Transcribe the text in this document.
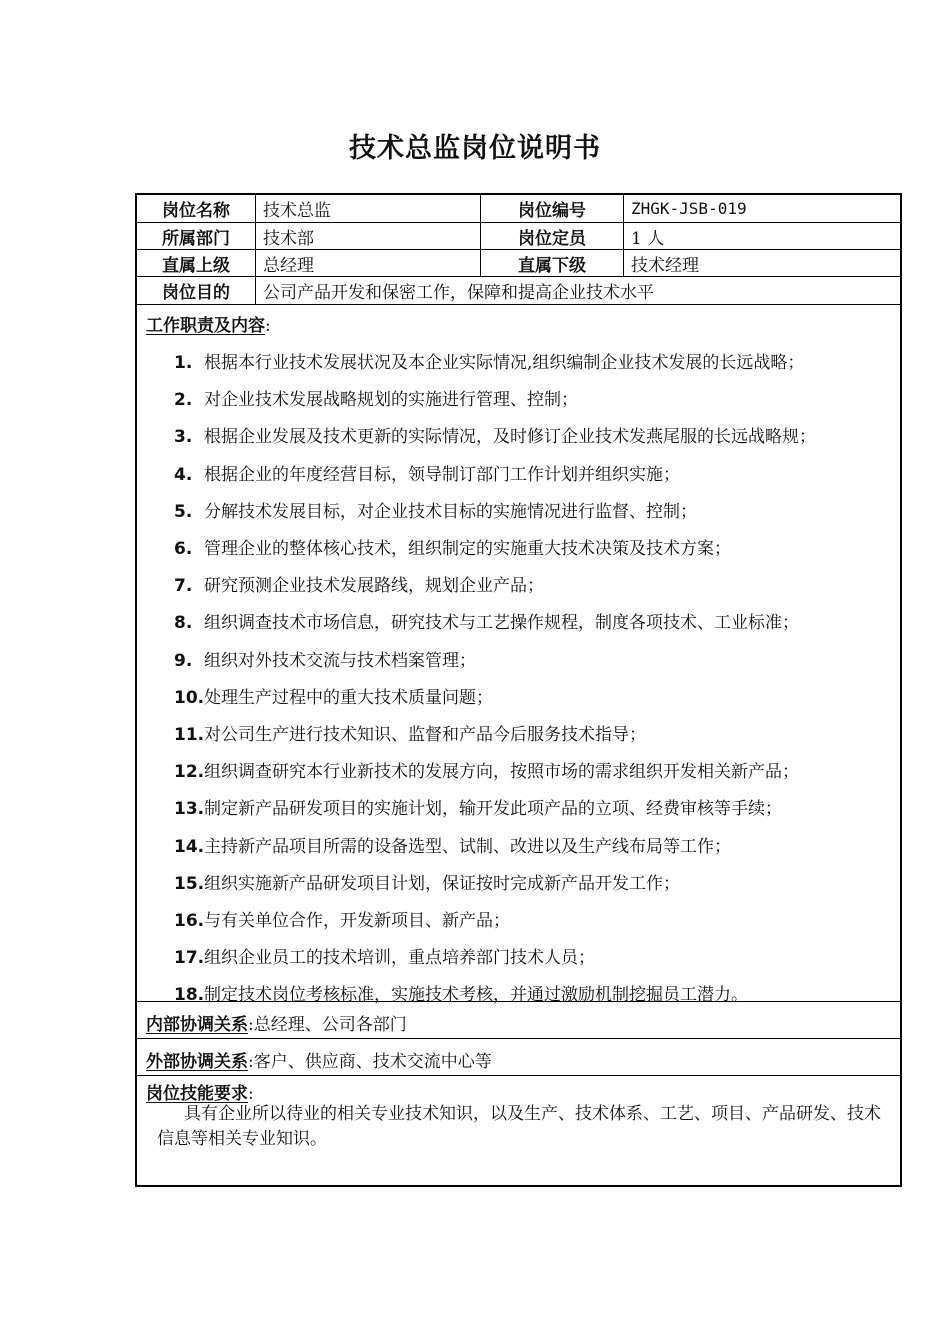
技术总监岗位说明书
岗位名称	技术总监	岗位编号	ZHGK-JSB-019
所属部门	技术部	岗位定员	1 人
直属上级	总经理	直属下级	技术经理
岗位目的	公司产品开发和保密工作，保障和提高企业技术水平
工作职责及内容:
1. 根据本行业技术发展状况及本企业实际情况,组织编制企业技术发展的长远战略；
2. 对企业技术发展战略规划的实施进行管理、控制；
3. 根据企业发展及技术更新的实际情况，及时修订企业技术发燕尾服的长远战略规；
4. 根据企业的年度经营目标，领导制订部门工作计划并组织实施；
5. 分解技术发展目标，对企业技术目标的实施情况进行监督、控制；
6. 管理企业的整体核心技术，组织制定的实施重大技术决策及技术方案；
7. 研究预测企业技术发展路线，规划企业产品；
8. 组织调查技术市场信息，研究技术与工艺操作规程，制度各项技术、工业标准；
9. 组织对外技术交流与技术档案管理；
10.处理生产过程中的重大技术质量问题；
11.对公司生产进行技术知识、监督和产品今后服务技术指导；
12.组织调查研究本行业新技术的发展方向，按照市场的需求组织开发相关新产品；
13.制定新产品研发项目的实施计划，输开发此项产品的立项、经费审核等手续；
14.主持新产品项目所需的设备选型、试制、改进以及生产线布局等工作；
15.组织实施新产品研发项目计划，保证按时完成新产品开发工作；
16.与有关单位合作，开发新项目、新产品；
17.组织企业员工的技术培训，重点培养部门技术人员；
18.制定技术岗位考核标准，实施技术考核，并通过激励机制挖掘员工潜力。
内部协调关系:总经理、公司各部门
外部协调关系:客户、供应商、技术交流中心等
岗位技能要求:
具有企业所以待业的相关专业技术知识，以及生产、技术体系、工艺、项目、产品研发、技术信息等相关专业知识。
